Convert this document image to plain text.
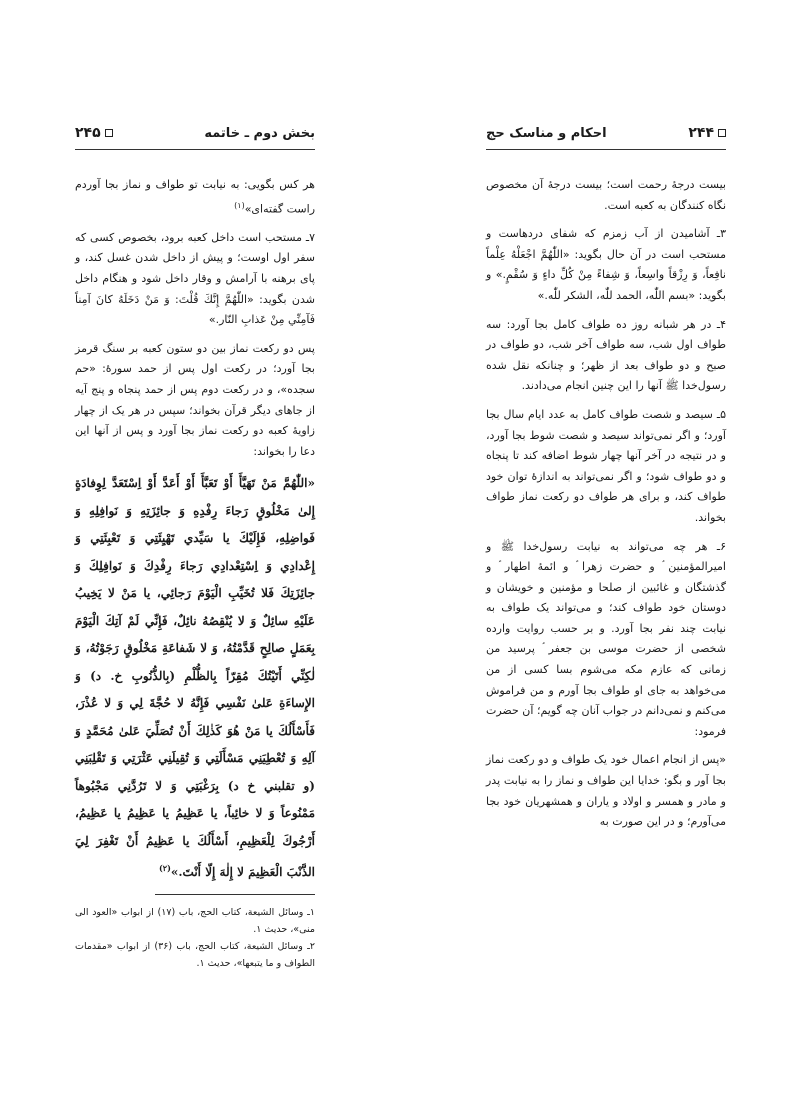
بخش دوم ـ خاتمه
۲۴۵

هر کس بگویی: به نیابت تو طواف و نماز بجا آوردم راست گفته‌ای»$^{(۱)}$

۷ـ مستحب است داخل کعبه برود، بخصوص کسی که سفر اول اوست؛ و پیش از داخل شدن غسل کند، و پای برهنه با آرامش و وقار داخل شود و هنگام داخل شدن بگوید: «اللّٰهُمَّ إِنَّكَ قُلْتَ: وَ مَنْ دَخَلَهُ كانَ آمِناً فَآمِنِّي مِنْ عَذابِ النّار.»

پس دو رکعت نماز بین دو ستون کعبه بر سنگ قرمز بجا آورد؛ در رکعت اول پس از حمد سورهٔ: «حم سجده»، و در رکعت دوم پس از حمد پنجاه و پنج آیه از جاهای دیگر قرآن بخواند؛ سپس در هر یک از چهار زاویهٔ کعبه دو رکعت نماز بجا آورد و پس از آنها این دعا را بخواند:

«اللّٰهُمَّ مَنْ تَهَيَّأَ أَوْ تَعَبَّأَ أَوْ أَعَدَّ أَوْ اِسْتَعَدَّ لِوِفادَةٍ إِلىٰ مَخْلُوقٍ رَجاءَ رِفْدِهِ وَ جائِزَتِهِ وَ نَوافِلِهِ وَ فَواضِلِهِ، فَإِلَيْكَ يا سَيِّدي تَهْيِئَتِي وَ تَعْبِئَتِي وَ إِعْدادِي وَ اِسْتِعْدادِي رَجاءَ رِفْدِكَ وَ نَوافِلِكَ وَ جائِزَتِكَ فَلا تُخَيِّبِ الْيَوْمَ رَجائِي، يا مَنْ لا يَخِيبُ عَلَيْهِ سائِلٌ وَ لا يُنْقِصُهُ نائِلٌ، فَإِنِّي لَمْ آتِكَ الْيَوْمَ بِعَمَلٍ صالِحٍ قَدَّمْتُهُ، وَ لا شَفاعَةِ مَخْلُوقٍ رَجَوْتُهُ، وَ لٰكِنِّي أَتَيْتُكَ مُقِرّاً بِالظُّلْمِ (بِالذُّنُوبِ خ. د) وَ الإِساءَةِ عَلىٰ نَفْسِي فَإِنَّهُ لا حُجَّةَ لِي وَ لا عُذْرَ، فَأَسْأَلُكَ يا مَنْ هُوَ كَذٰلِكَ أَنْ تُصَلِّيَ عَلىٰ مُحَمَّدٍ وَ آلِهِ وَ تُعْطِيَنِي مَسْأَلَتِي وَ تُقِيلَنِي عَثْرَتِي وَ تَقْلِبَنِي (و تقلبني خ د) بِرَغْبَتِي وَ لا تَرُدَّنِي مَجْبُوهاً مَمْنُوعاً وَ لا خائِباً، يا عَظِيمُ يا عَظِيمُ يا عَظِيمُ، أَرْجُوكَ لِلْعَظِيمِ، أَسْأَلُكَ يا عَظِيمُ أَنْ تَغْفِرَ لِيَ الذَّنْبَ الْعَظِيمَ لا إِلٰهَ إِلّا أَنْتَ.»$^{(۲)}$

۱ـ وسائل الشیعة، کتاب الحج، باب (۱۷) از ابواب «العود الی منی»، حدیث ۱.

۲ـ وسائل الشیعة، کتاب الحج، باب (۳۶) از ابواب «مقدمات الطواف و ما یتبعها»، حدیث ۱.

۲۴۴
احکام و مناسک حج

بیست درجهٔ رحمت است؛ بیست درجهٔ آن مخصوص نگاه کنندگان به کعبه است.

۳ـ آشامیدن از آب زمزم که شفای دردهاست و مستحب است در آن حال بگوید: «اللّٰهُمَّ اجْعَلْهُ عِلْماً نافِعاً، وَ رِزْقاً واسِعاً، وَ شِفاءً مِنْ كُلِّ داءٍ وَ سُقْمٍ.» و بگوید: «بسم اللّٰه، الحمد للّٰه، الشکر للّٰه.»

۴ـ در هر شبانه روز ده طواف کامل بجا آورد: سه طواف اول شب، سه طواف آخر شب، دو طواف در صبح و دو طواف بعد از ظهر؛ و چنانکه نقل شده رسول‌خدا ﷺ آنها را این چنین انجام می‌دادند.

۵ـ سیصد و شصت طواف کامل به عدد ایام سال بجا آورد؛ و اگر نمی‌تواند سیصد و شصت شوط بجا آورد، و در نتیجه در آخر آنها چهار شوط اضافه کند تا پنجاه و دو طواف شود؛ و اگر نمی‌تواند به اندازهٔ توان خود طواف کند، و برای هر طواف دو رکعت نماز طواف بخواند.

۶ـ هر چه می‌تواند به نیابت رسول‌خدا ﷺ و امیرالمؤمنین ؑ و حضرت زهرا ؑ و ائمهٔ اطهار ؑ و گذشتگان و غائبین از صلحا و مؤمنین و خویشان و دوستان خود طواف کند؛ و می‌تواند یک طواف به نیابت چند نفر بجا آورد. و بر حسب روایت وارده شخصی از حضرت موسی بن جعفر ؑ پرسید من زمانی که عازم مکه می‌شوم بسا کسی از من می‌خواهد به جای او طواف بجا آورم و من فراموش می‌کنم و نمی‌دانم در جواب آنان چه گویم؛ آن حضرت فرمود:

«پس از انجام اعمال خود یک طواف و دو رکعت نماز بجا آور و بگو: خدایا این طواف و نماز را به نیابت پدر و مادر و همسر و اولاد و یاران و همشهریان خود بجا می‌آورم؛ و در این صورت به
